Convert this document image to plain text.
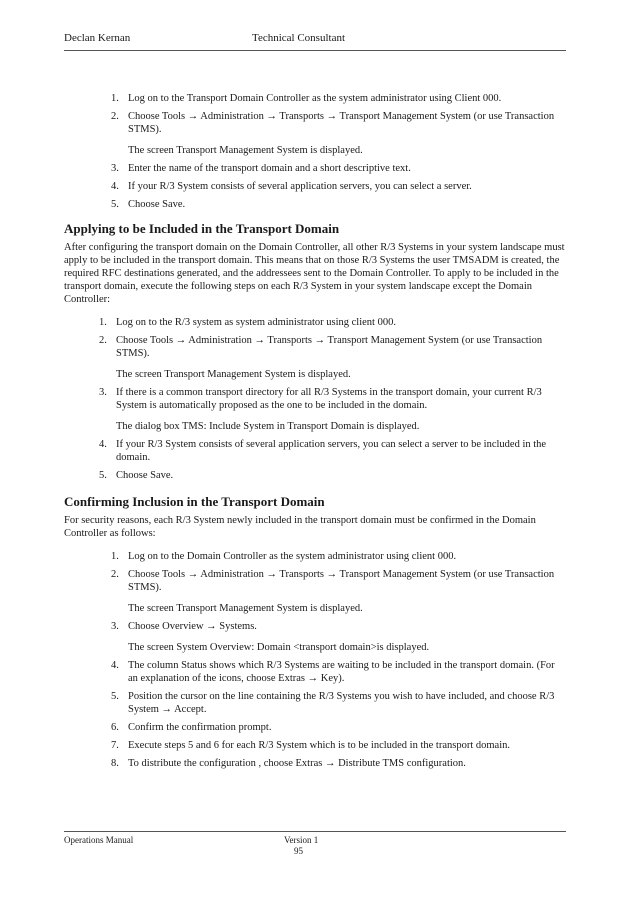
Declan Kernan	Technical Consultant
1. Log on to the Transport Domain Controller as the system administrator using Client 000.
2. Choose Tools → Administration → Transports → Transport Management System (or use Transaction STMS).
The screen Transport Management System is displayed.
3. Enter the name of the transport domain and a short descriptive text.
4. If your R/3 System consists of several application servers, you can select a server.
5. Choose Save.
Applying to be Included in the Transport Domain

After configuring the transport domain on the Domain Controller, all other R/3 Systems in your system landscape must apply to be included in the transport domain. This means that on those R/3 Systems the user TMSADM is created, the required RFC destinations generated, and the addressees sent to the Domain Controller. To apply to be included in the transport domain, execute the following steps on each R/3 System in your system landscape except the Domain Controller:

1. Log on to the R/3 system as system administrator using client 000.
2. Choose Tools → Administration → Transports → Transport Management System (or use Transaction STMS).
The screen Transport Management System is displayed.
3. If there is a common transport directory for all R/3 Systems in the transport domain, your current R/3 System is automatically proposed as the one to be included in the domain.
The dialog box TMS: Include System in Transport Domain is displayed.
4. If your R/3 System consists of several application servers, you can select a server to be included in the domain.
5. Choose Save.
Confirming Inclusion in the Transport Domain

For security reasons, each R/3 System newly included in the transport domain must be confirmed in the Domain Controller as follows:

1. Log on to the Domain Controller as the system administrator using client 000.
2. Choose Tools → Administration → Transports → Transport Management System (or use Transaction STMS).
The screen Transport Management System is displayed.
3. Choose Overview → Systems.
The screen System Overview: Domain <transport domain>is displayed.
4. The column Status shows which R/3 Systems are waiting to be included in the transport domain. (For an explanation of the icons, choose Extras → Key).
5. Position the cursor on the line containing the R/3 Systems you wish to have included, and choose R/3 System → Accept.
6. Confirm the confirmation prompt.
7. Execute steps 5 and 6 for each R/3 System which is to be included in the transport domain.
8. To distribute the configuration , choose Extras → Distribute TMS configuration.
Operations Manual	Version 1
95
